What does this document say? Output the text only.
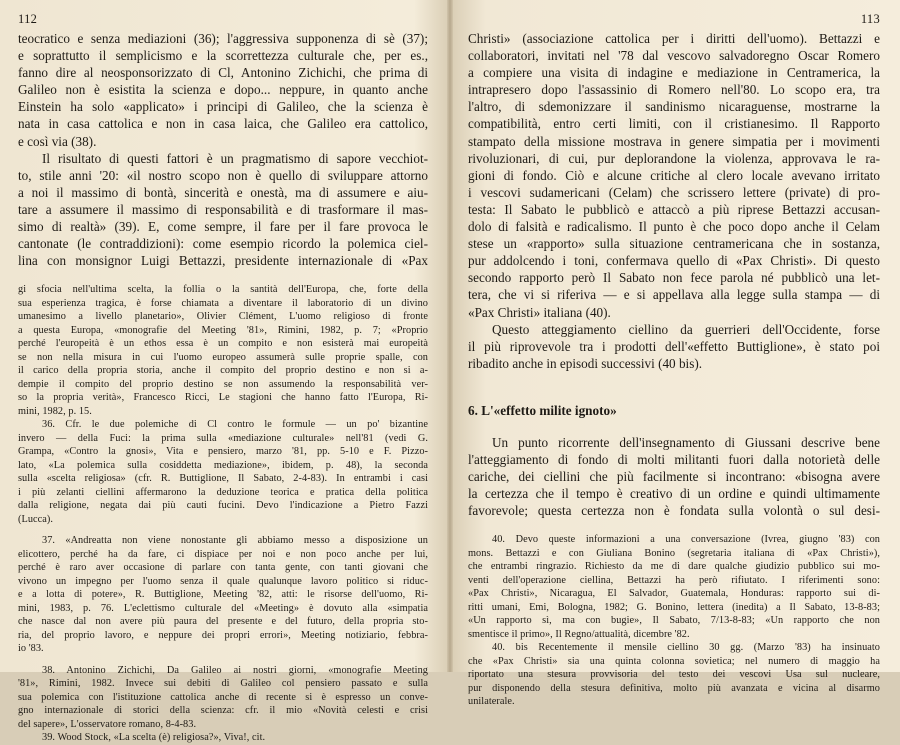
112
teocratico e senza mediazioni (36); l'aggressiva supponenza di sè (37);
e soprattutto il semplicismo e la scorrettezza culturale che, per es.,
fanno dire al neosponsorizzato di Cl, Antonino Zichichi, che prima di
Galileo non è esistita la scienza e dopo... neppure, in quanto anche
Einstein ha solo «applicato» i principi di Galileo, che la scienza è
nata in casa cattolica e non in casa laica, che Galileo era cattolico,
e così via (38).
Il risultato di questi fattori è un pragmatismo di sapore vecchiot-
to, stile anni '20: «il nostro scopo non è quello di sviluppare attorno
a noi il massimo di bontà, sincerità e onestà, ma di assumere e aiu-
tare a assumere il massimo di responsabilità e di trasformare il mas-
simo di realtà» (39). E, come sempre, il fare per il fare provoca le
cantonate (le contraddizioni): come esempio ricordo la polemica ciel-
lina con monsignor Luigi Bettazzi, presidente internazionale di «Pax
gi sfocia nell'ultima scelta, la follia o la santità dell'Europa, che, forte della
sua esperienza tragica, è forse chiamata a diventare il laboratorio di un divino
umanesimo a livello planetario», Olivier Clément, L'uomo religioso di fronte
a questa Europa, «monografie del Meeting '81», Rimini, 1982, p. 7; «Proprio
perché l'europeità è un ethos essa è un compito e non esisterà mai europeità
se non nella misura in cui l'uomo europeo assumerà sulle proprie spalle, con
il carico della propria storia, anche il compito del proprio destino e non si a-
dempie il compito del proprio destino se non assumendo la responsabilità ver-
so la propria verità», Francesco Ricci, Le stagioni che hanno fatto l'Europa, Ri-
mini, 1982, p. 15.
36. Cfr. le due polemiche di Cl contro le formule — un po' bizantine
invero — della Fuci: la prima sulla «mediazione culturale» nell'81 (vedi G.
Grampa, «Contro la gnosi», Vita e pensiero, marzo '81, pp. 5-10 e F. Pizzo-
lato, «La polemica sulla cosiddetta mediazione», ibidem, p. 48), la seconda
sulla «scelta religiosa» (cfr. R. Buttiglione, Il Sabato, 2-4-83). In entrambi i casi
i più zelanti ciellini affermarono la deduzione teorica e pratica della politica
dalla religione, negata dai più cauti fucini. Devo l'indicazione a Pietro Fazzi
(Lucca).
37. «Andreatta non viene nonostante gli abbiamo messo a disposizione un
elicottero, perché ha da fare, ci dispiace per noi e non poco anche per lui,
perché è raro aver occasione di parlare con tanta gente, con tanti giovani che
vivono un impegno per l'uomo senza il quale qualunque lavoro politico si riduc-
e a lotta di potere», R. Buttiglione, Meeting '82, atti: le risorse dell'uomo, Ri-
mini, 1983, p. 76. L'eclettismo culturale del «Meeting» è dovuto alla «simpatia
che nasce dal non avere più paura del presente e del futuro, della propria sto-
ria, del proprio lavoro, e neppure dei propri errori», Meeting notiziario, febbra-
io '83.
38. Antonino Zichichi, Da Galileo ai nostri giorni, «monografie Meeting
'81», Rimini, 1982. Invece sui debiti di Galileo col pensiero passato e sulla
sua polemica con l'istituzione cattolica anche di recente si è espresso un conve-
gno internazionale di storici della scienza: cfr. il mio «Novità celesti e crisi
del sapere», L'osservatore romano, 8-4-83.
39. Wood Stock, «La scelta (è) religiosa?», Viva!, cit.
113
Christi» (associazione cattolica per i diritti dell'uomo). Bettazzi e
collaboratori, invitati nel '78 dal vescovo salvadoregno Oscar Romero
a compiere una visita di indagine e mediazione in Centramerica, la
intrapresero dopo l'assassinio di Romero nell'80. Lo scopo era, tra
l'altro, di sdemonizzare il sandinismo nicaraguense, mostrarne la
compatibilità, entro certi limiti, con il cristianesimo. Il Rapporto
stampato della missione mostrava in genere simpatia per i movimenti
rivoluzionari, di cui, pur deplorandone la violenza, approvava le ra-
gioni di fondo. Ciò e alcune critiche al clero locale avevano irritato
i vescovi sudamericani (Celam) che scrissero lettere (private) di pro-
testa: Il Sabato le pubblicò e attaccò a più riprese Bettazzi accusan-
dolo di falsità e radicalismo. Il punto è che poco dopo anche il Celam
stese un «rapporto» sulla situazione centramericana che in sostanza,
pur addolcendo i toni, confermava quello di «Pax Christi». Di questo
secondo rapporto però Il Sabato non fece parola né pubblicò una let-
tera, che vi si riferiva — e si appellava alla legge sulla stampa — di
«Pax Christi» italiana (40).
Questo atteggiamento ciellino da guerrieri dell'Occidente, forse
il più riprovevole tra i prodotti dell'«effetto Buttiglione», è stato poi
ribadito anche in episodi successivi (40 bis).
6. L'«effetto milite ignoto»
Un punto ricorrente dell'insegnamento di Giussani descrive bene
l'atteggiamento di fondo di molti militanti fuori dalla notorietà delle
cariche, dei ciellini che più facilmente si incontrano: «bisogna avere
la certezza che il tempo è creativo di un ordine e quindi ultimamente
favorevole; questa certezza non è fondata sulla volontà o sul desi-
40. Devo queste informazioni a una conversazione (Ivrea, giugno '83) con
mons. Bettazzi e con Giuliana Bonino (segretaria italiana di «Pax Christi»),
che entrambi ringrazio. Richiesto da me di dare qualche giudizio pubblico sui mo-
venti dell'operazione ciellina, Bettazzi ha però rifiutato. I riferimenti sono:
«Pax Christi», Nicaragua, El Salvador, Guatemala, Honduras: rapporto sui di-
ritti umani, Emi, Bologna, 1982; G. Bonino, lettera (inedita) a Il Sabato, 13-8-83;
«Un rapporto sì, ma con bugie», Il Sabato, 7/13-8-83; «Un rapporto che non
smentisce il primo», Il Regno/attualità, dicembre '82.
40. bis Recentemente il mensile ciellino 30 gg. (Marzo '83) ha insinuato
che «Pax Christi» sia una quinta colonna sovietica; nel numero di maggio ha
riportato una stesura provvisoria del testo dei vescovi Usa sul nucleare,
pur disponendo della stesura definitiva, molto più avanzata e vicina al disarmo
unilaterale.
